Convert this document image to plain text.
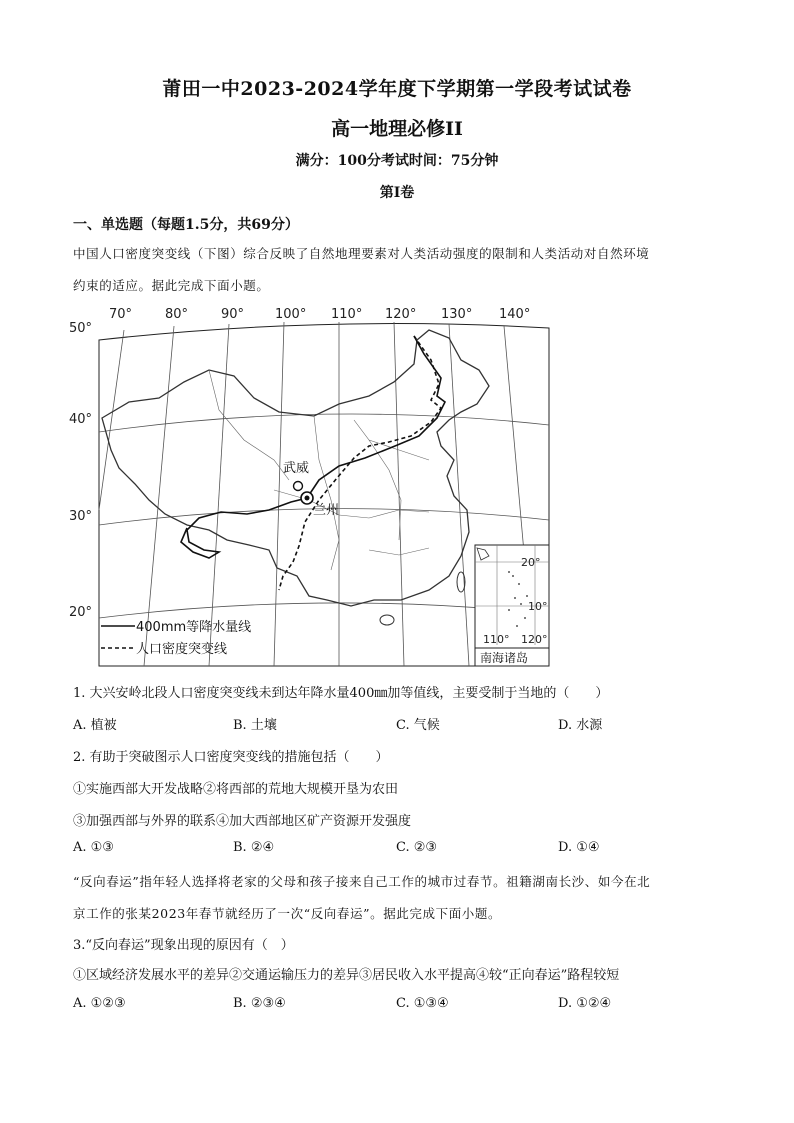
莆田一中2023-2024学年度下学期第一学段考试试卷
高一地理必修II
满分：100分考试时间：75分钟
第Ⅰ卷
一、单选题（每题1.5分，共69分）
中国人口密度突变线（下图）综合反映了自然地理要素对人类活动强度的限制和人类活动对自然环境
约束的适应。据此完成下面小题。
70°	80°	90° 100° 110° 120° 130° 140°
50°
40°
30°
20°
武威
兰州
400mm等降水量线
人口密度突变线
20°
10°
110° 120°
南海诸岛
1. 大兴安岭北段人口密度突变线未到达年降水量400㎜加等值线，主要受制于当地的（　　）
A. 植被	B. 土壤	C. 气候	D. 水源
2. 有助于突破图示人口密度突变线的措施包括（　　）
①实施西部大开发战略②将西部的荒地大规模开垦为农田
③加强西部与外界的联系④加大西部地区矿产资源开发强度
A. ①③	B. ②④	C. ②③	D. ①④
“反向春运”指年轻人选择将老家的父母和孩子接来自己工作的城市过春节。祖籍湖南长沙、如今在北
京工作的张某2023年春节就经历了一次“反向春运”。据此完成下面小题。
3.“反向春运”现象出现的原因有（　）
①区域经济发展水平的差异②交通运输压力的差异③居民收入水平提高④较“正向春运”路程较短
A. ①②③	B. ②③④	C. ①③④	D. ①②④
